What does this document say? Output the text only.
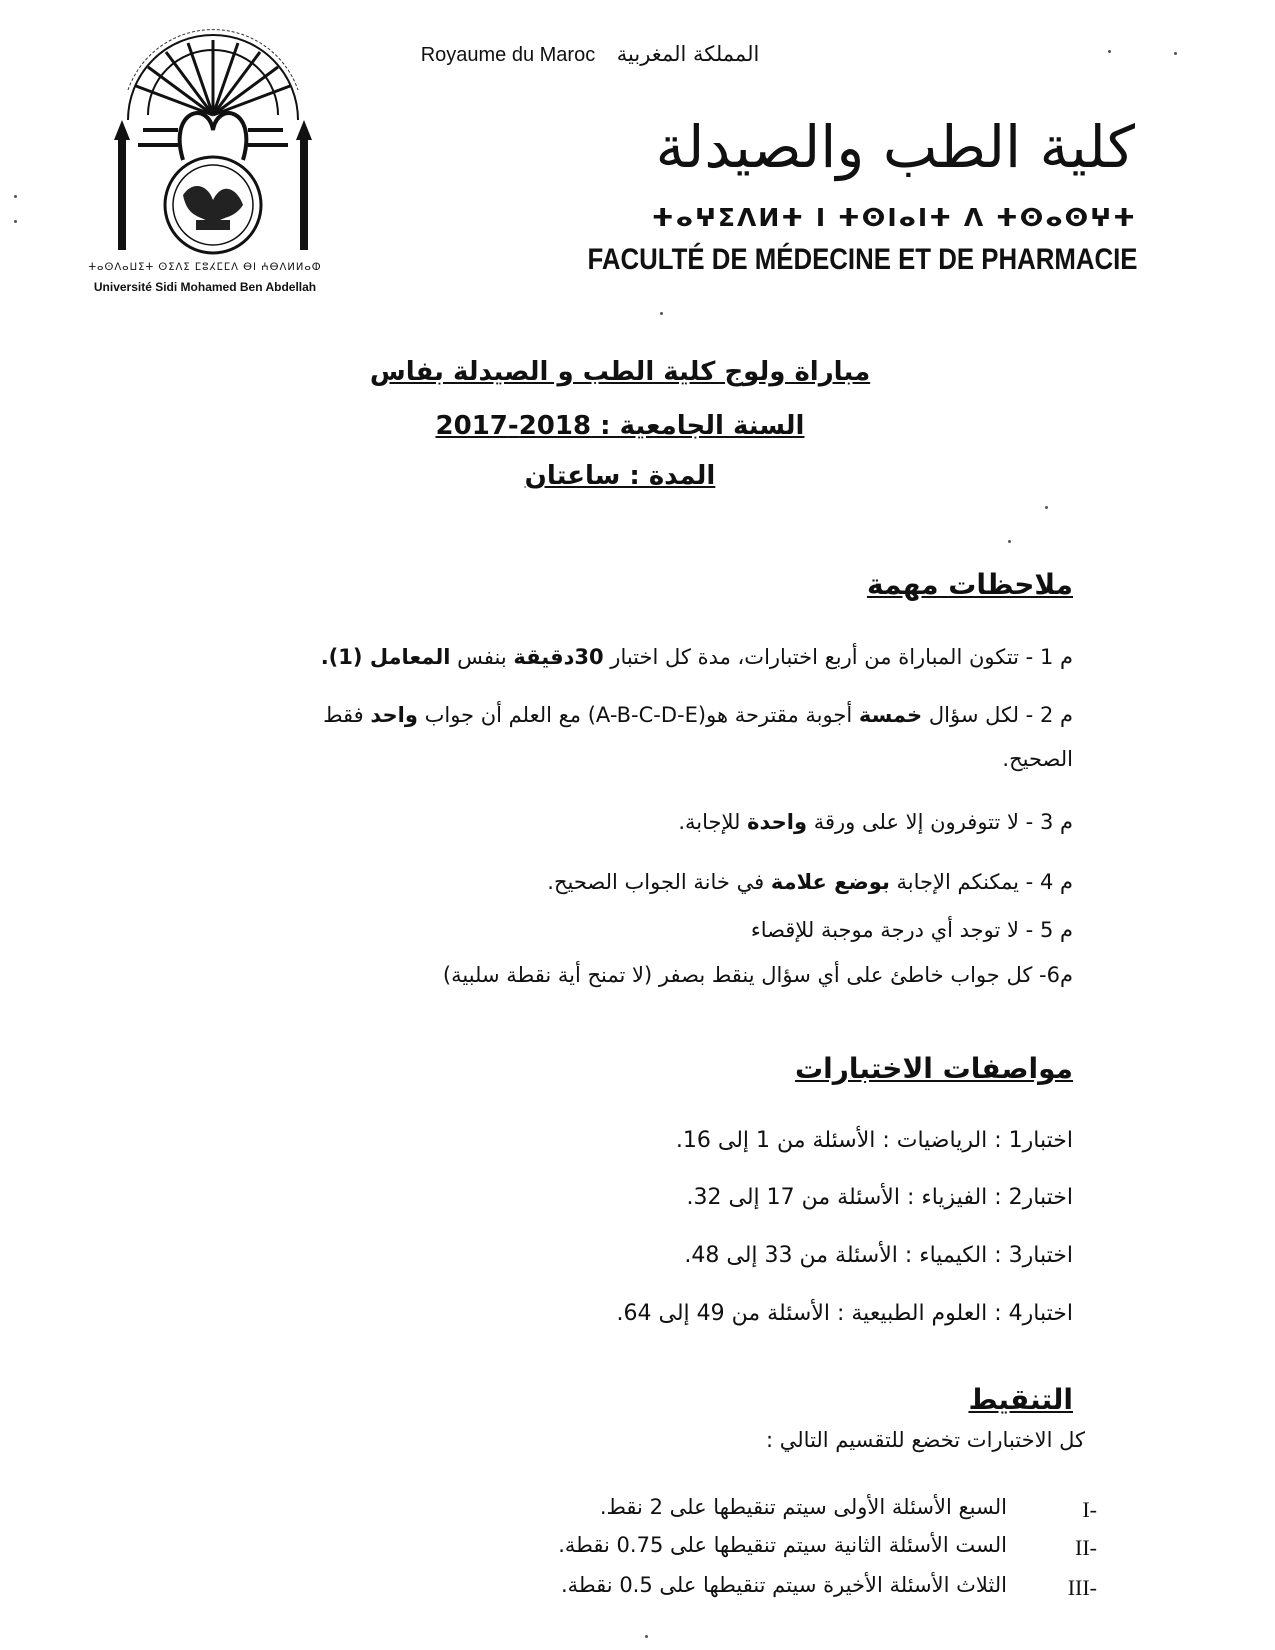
ⵜⴰⵙⴷⴰⵡⵉⵜ ⵙⵉⴷⵉ ⵎⵓⵃⵎⵎⴷ ⴱⵏ ⵄⴱⴷⵍⵍⴰⵀ
Université Sidi Mohamed Ben Abdellah
Royaume du Maroc المملكة المغربية
كلية الطب والصيدلة
ⵜⴰⵖⵉⴷⵍⵜ ⵏ ⵜⵙⵏⴰⵏⵜ ⴷ ⵜⵙⴰⵙⵖⵜ
FACULTÉ DE MÉDECINE ET DE PHARMACIE
مباراة ولوج كلية الطب و الصيدلة بفاس
السنة الجامعية : 2018-2017
المدة : ساعتان
ملاحظات مهمة
م 1 - تتكون المباراة من أربع اختبارات، مدة كل اختبار 30دقيقة بنفس المعامل (1).
م 2 - لكل سؤال خمسة أجوبة مقترحة هو(A-B-C-D-E) مع العلم أن جواب واحد فقط
الصحيح.
م 3 - لا تتوفرون إلا على ورقة واحدة للإجابة.
م 4 - يمكنكم الإجابة بوضع علامة في خانة الجواب الصحيح.
م 5 - لا توجد أي درجة موجبة للإقصاء
م6- كل جواب خاطئ على أي سؤال ينقط بصفر (لا تمنح أية نقطة سلبية)
مواصفات الاختبارات
اختبار1 : الرياضيات : الأسئلة من 1 إلى 16.
اختبار2 : الفيزياء : الأسئلة من 17 إلى 32.
اختبار3 : الكيمياء : الأسئلة من 33 إلى 48.
اختبار4 : العلوم الطبيعية : الأسئلة من 49 إلى 64.
التنقيط
كل الاختبارات تخضع للتقسيم التالي :
I-
السبع الأسئلة الأولى سيتم تنقيطها على 2 نقط.
II-
الست الأسئلة الثانية سيتم تنقيطها على 0.75 نقطة.
III-
الثلاث الأسئلة الأخيرة سيتم تنقيطها على 0.5 نقطة.
